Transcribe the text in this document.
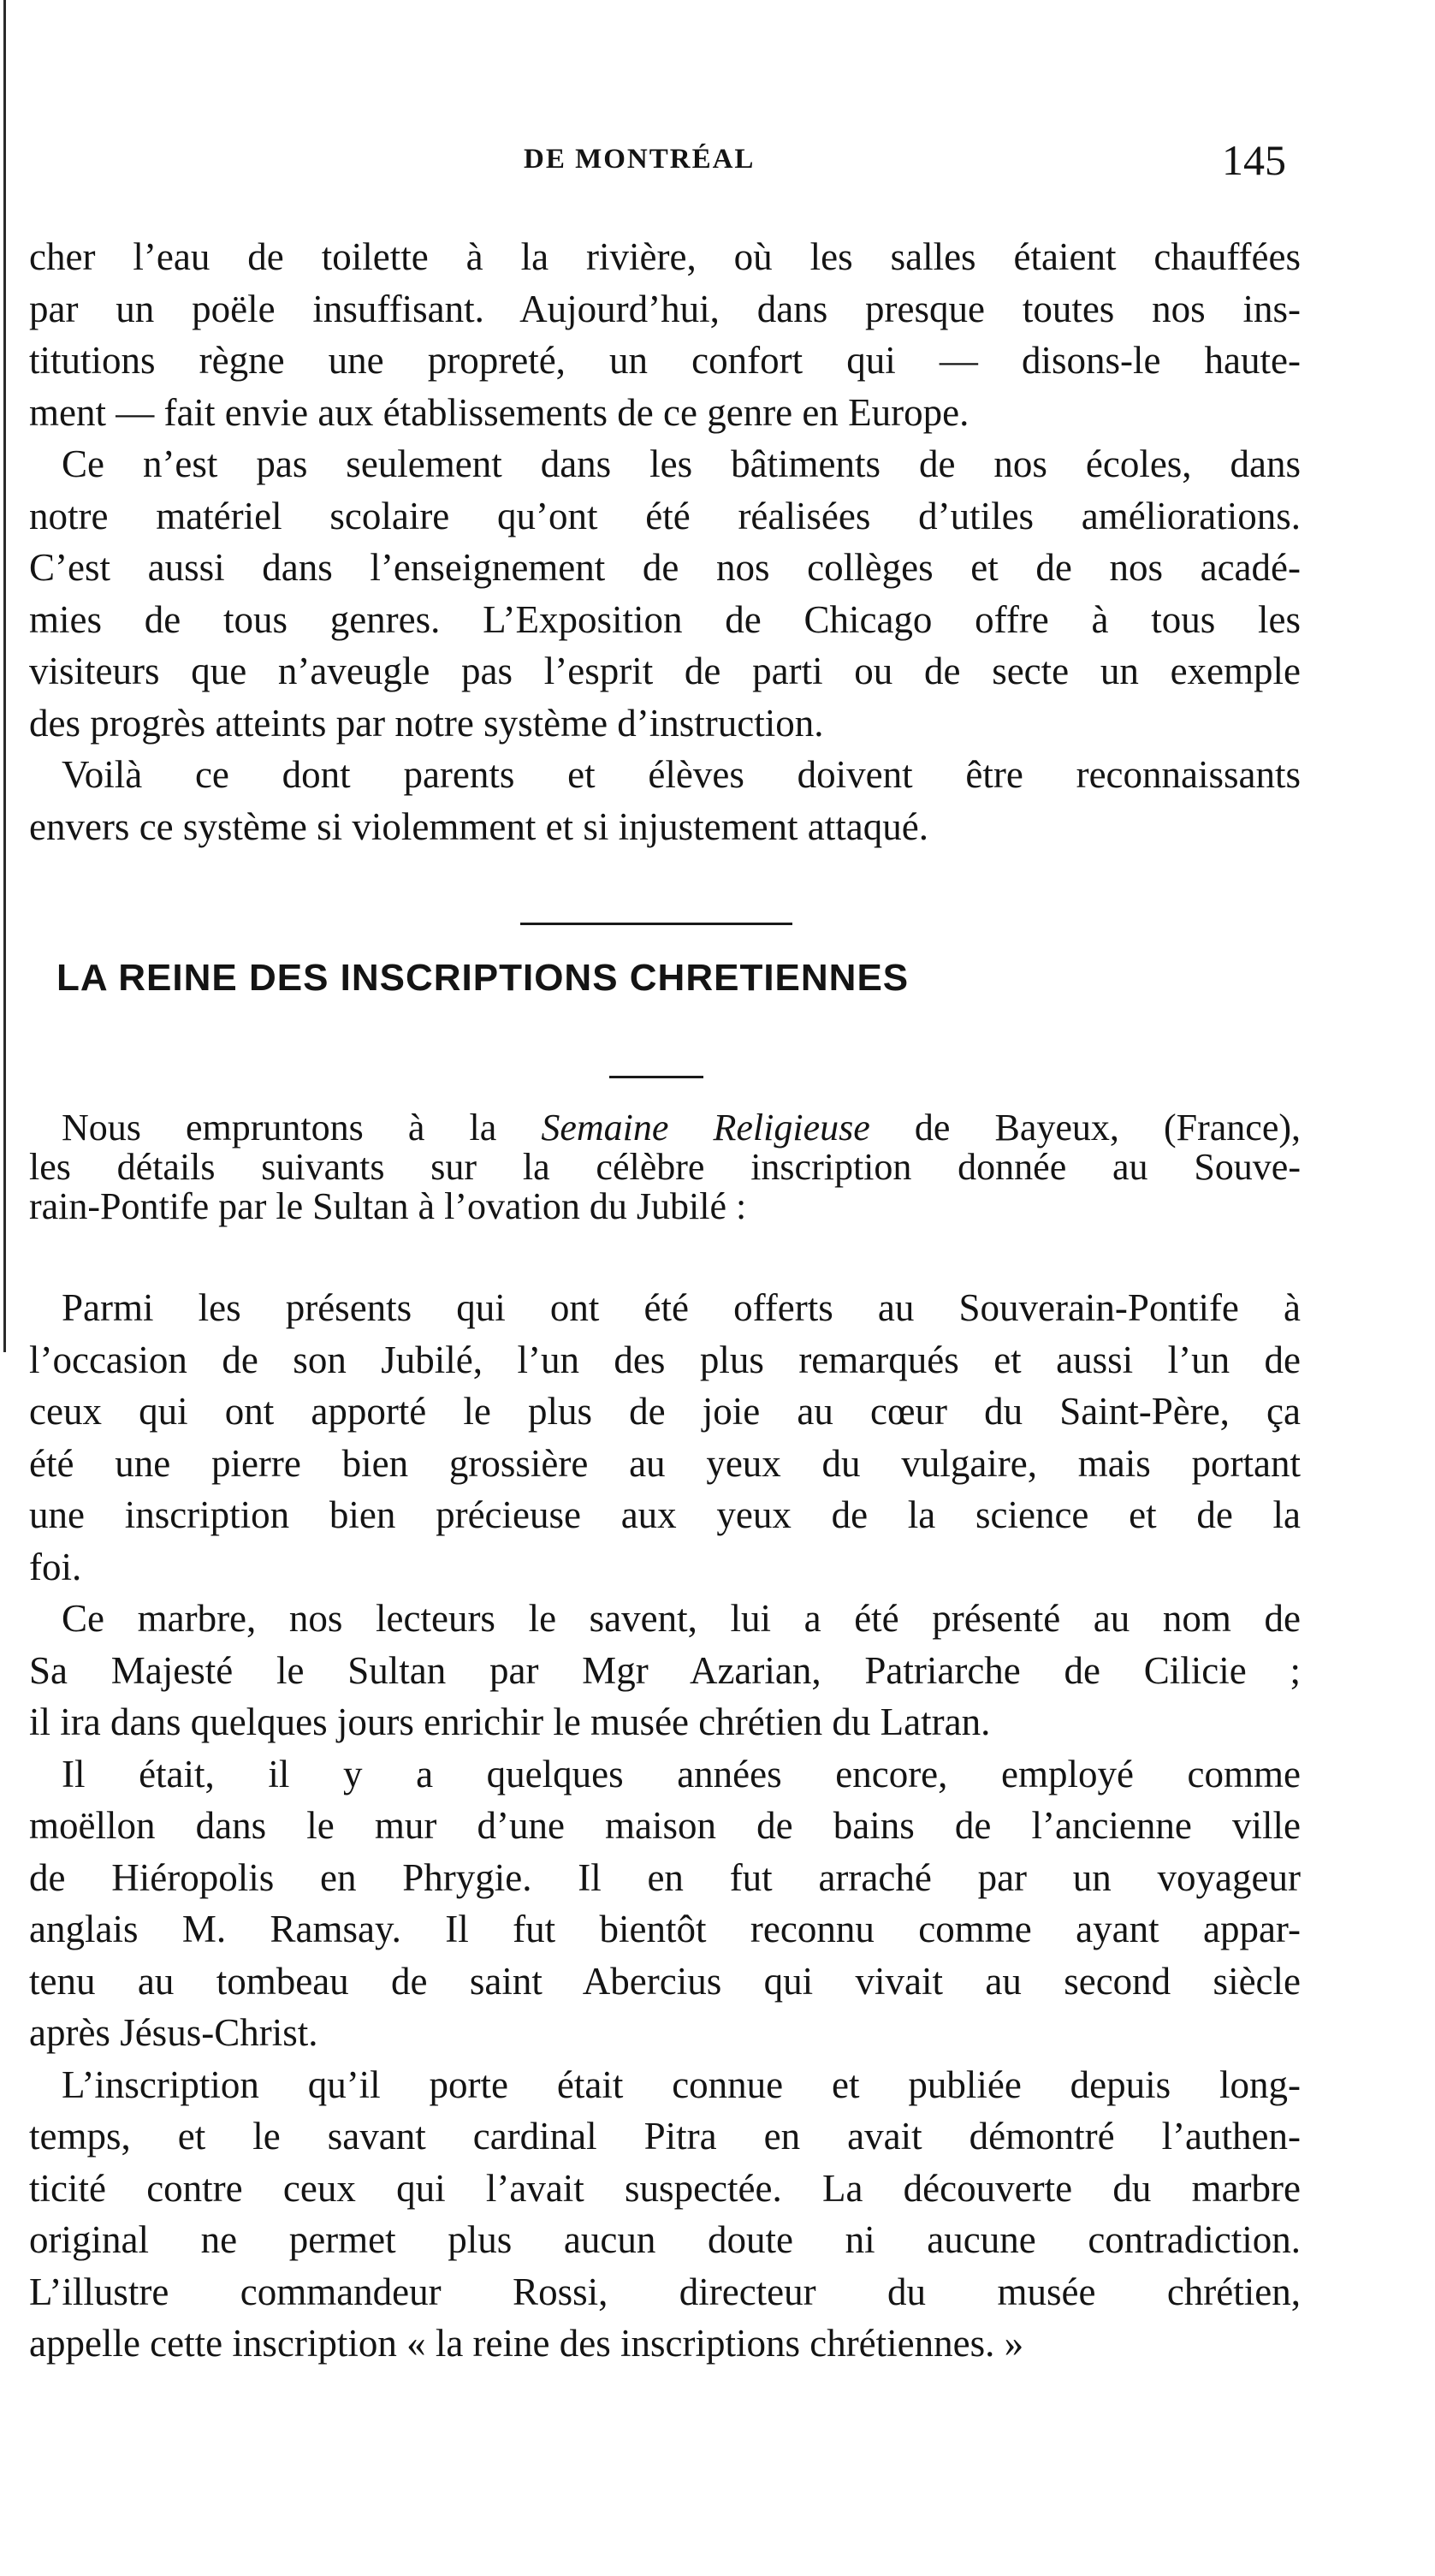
DE MONTRÉAL	145
cher l’eau de toilette à la rivière, où les salles étaient chauffées
par un poële insuffisant. Aujourd’hui, dans presque toutes nos ins-
titutions règne une propreté, un confort qui — disons-le haute-
ment — fait envie aux établissements de ce genre en Europe.
Ce n’est pas seulement dans les bâtiments de nos écoles, dans
notre matériel scolaire qu’ont été réalisées d’utiles améliorations.
C’est aussi dans l’enseignement de nos collèges et de nos acadé-
mies de tous genres. L’Exposition de Chicago offre à tous les
visiteurs que n’aveugle pas l’esprit de parti ou de secte un exemple
des progrès atteints par notre système d’instruction.
Voilà ce dont parents et élèves doivent être reconnaissants
envers ce système si violemment et si injustement attaqué.
LA REINE DES INSCRIPTIONS CHRETIENNES
Nous empruntons à la Semaine Religieuse de Bayeux, (France),
les détails suivants sur la célèbre inscription donnée au Souve-
rain-Pontife par le Sultan à l’ovation du Jubilé :
Parmi les présents qui ont été offerts au Souverain-Pontife à
l’occasion de son Jubilé, l’un des plus remarqués et aussi l’un de
ceux qui ont apporté le plus de joie au cœur du Saint-Père, ça
été une pierre bien grossière au yeux du vulgaire, mais portant
une inscription bien précieuse aux yeux de la science et de la
foi.
Ce marbre, nos lecteurs le savent, lui a été présenté au nom de
Sa Majesté le Sultan par Mgr Azarian, Patriarche de Cilicie ;
il ira dans quelques jours enrichir le musée chrétien du Latran.
Il était, il y a quelques années encore, employé comme
moëllon dans le mur d’une maison de bains de l’ancienne ville
de Hiéropolis en Phrygie. Il en fut arraché par un voyageur
anglais M. Ramsay. Il fut bientôt reconnu comme ayant appar-
tenu au tombeau de saint Abercius qui vivait au second siècle
après Jésus-Christ.
L’inscription qu’il porte était connue et publiée depuis long-
temps, et le savant cardinal Pitra en avait démontré l’authen-
ticité contre ceux qui l’avait suspectée. La découverte du marbre
original ne permet plus aucun doute ni aucune contradiction.
L’illustre commandeur Rossi, directeur du musée chrétien,
appelle cette inscription « la reine des inscriptions chrétiennes. »
